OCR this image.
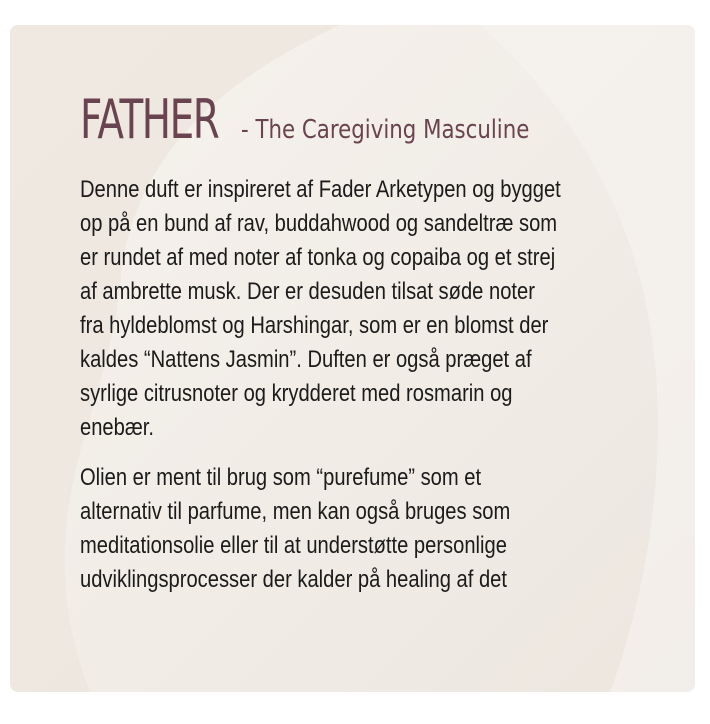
FATHER - The Caregiving Masculine
Denne duft er inspireret af Fader Arketypen og bygget
op på en bund af rav, buddahwood og sandeltræ som
er rundet af med noter af tonka og copaiba og et strej
af ambrette musk. Der er desuden tilsat søde noter
fra hyldeblomst og Harshingar, som er en blomst der
kaldes “Nattens Jasmin”. Duften er også præget af
syrlige citrusnoter og krydderet med rosmarin og
enebær.
Olien er ment til brug som “purefume” som et
alternativ til parfume, men kan også bruges som
meditationsolie eller til at understøtte personlige
udviklingsprocesser der kalder på healing af det
